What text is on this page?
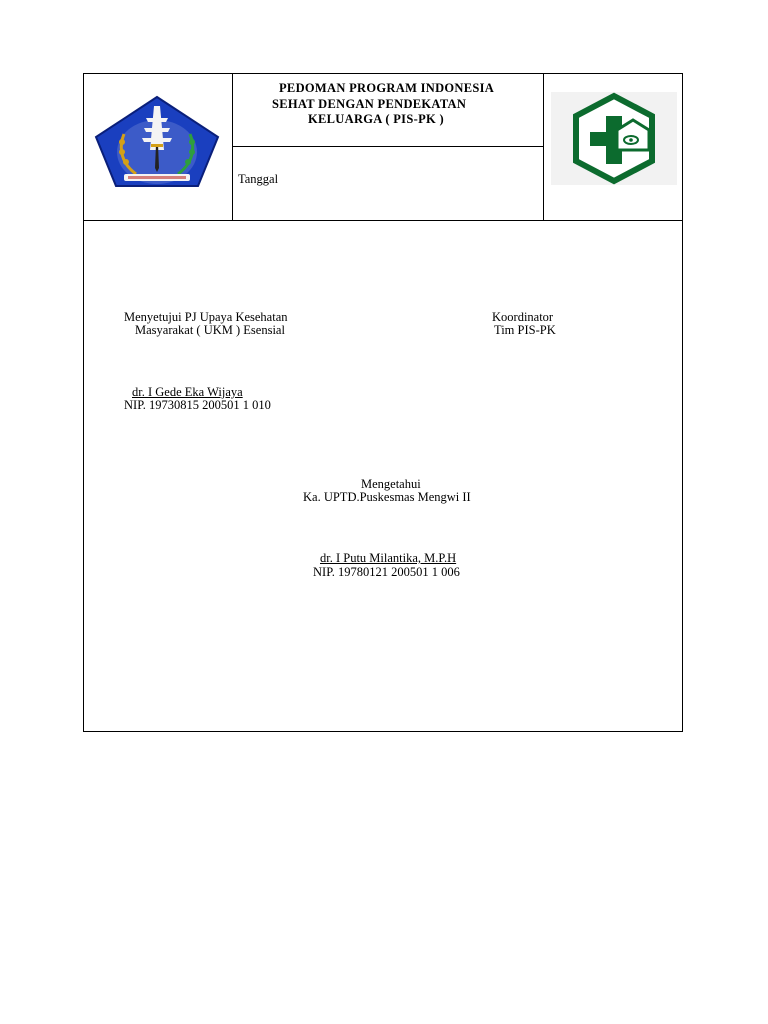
PEDOMAN PROGRAM INDONESIA
SEHAT DENGAN PENDEKATAN
KELUARGA ( PIS-PK )
Tanggal
Menyetujui PJ Upaya Kesehatan
Masyarakat ( UKM ) Esensial
Koordinator
Tim PIS-PK
dr. I Gede Eka Wijaya
NIP. 19730815 200501 1 010
Mengetahui
Ka. UPTD.Puskesmas Mengwi II
dr. I Putu Milantika, M.P.H
NIP. 19780121 200501 1 006
